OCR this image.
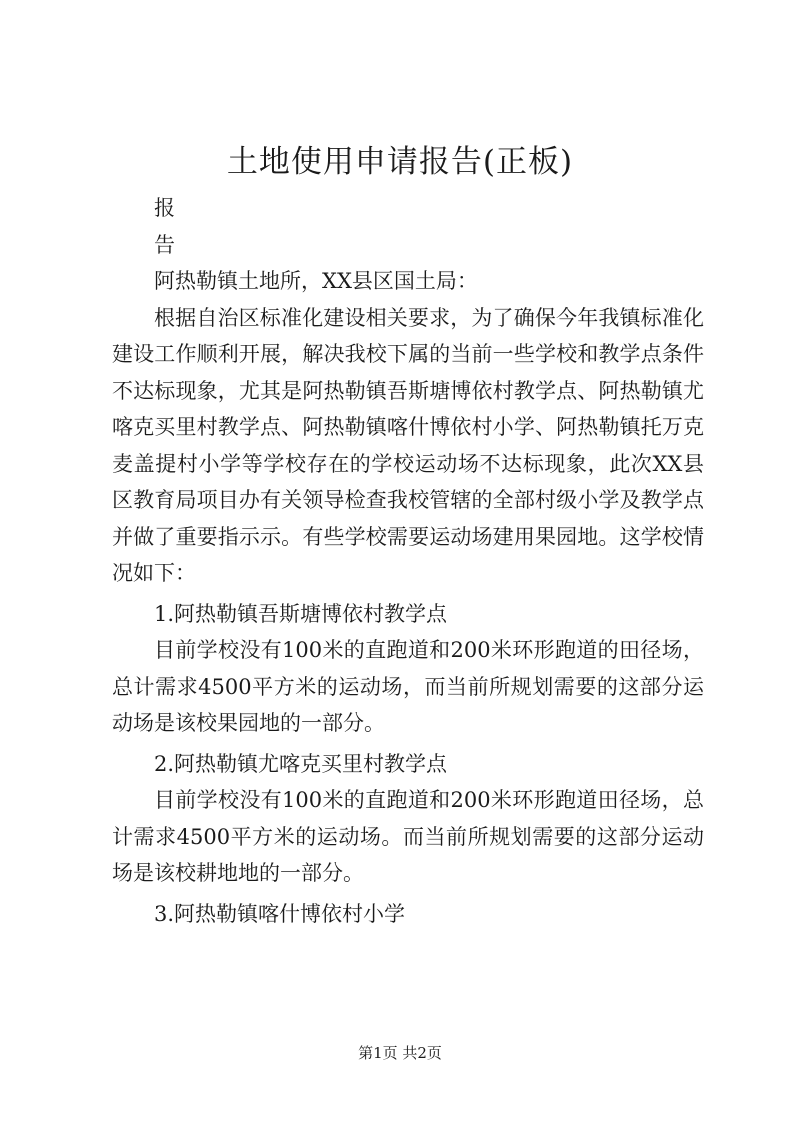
土地使用申请报告(正板)

报

告

阿热勒镇土地所，XX县区国土局：

根据自治区标准化建设相关要求，为了确保今年我镇标准化建设工作顺利开展，解决我校下属的当前一些学校和教学点条件不达标现象，尤其是阿热勒镇吾斯塘博依村教学点、阿热勒镇尤喀克买里村教学点、阿热勒镇喀什博依村小学、阿热勒镇托万克麦盖提村小学等学校存在的学校运动场不达标现象，此次XX县区教育局项目办有关领导检查我校管辖的全部村级小学及教学点并做了重要指示示。有些学校需要运动场建用果园地。这学校情况如下：

1.阿热勒镇吾斯塘博依村教学点

目前学校没有100米的直跑道和200米环形跑道的田径场，总计需求4500平方米的运动场，而当前所规划需要的这部分运动场是该校果园地的一部分。

2.阿热勒镇尤喀克买里村教学点

目前学校没有100米的直跑道和200米环形跑道田径场，总计需求4500平方米的运动场。而当前所规划需要的这部分运动场是该校耕地地的一部分。

3.阿热勒镇喀什博依村小学

第1页 共2页
